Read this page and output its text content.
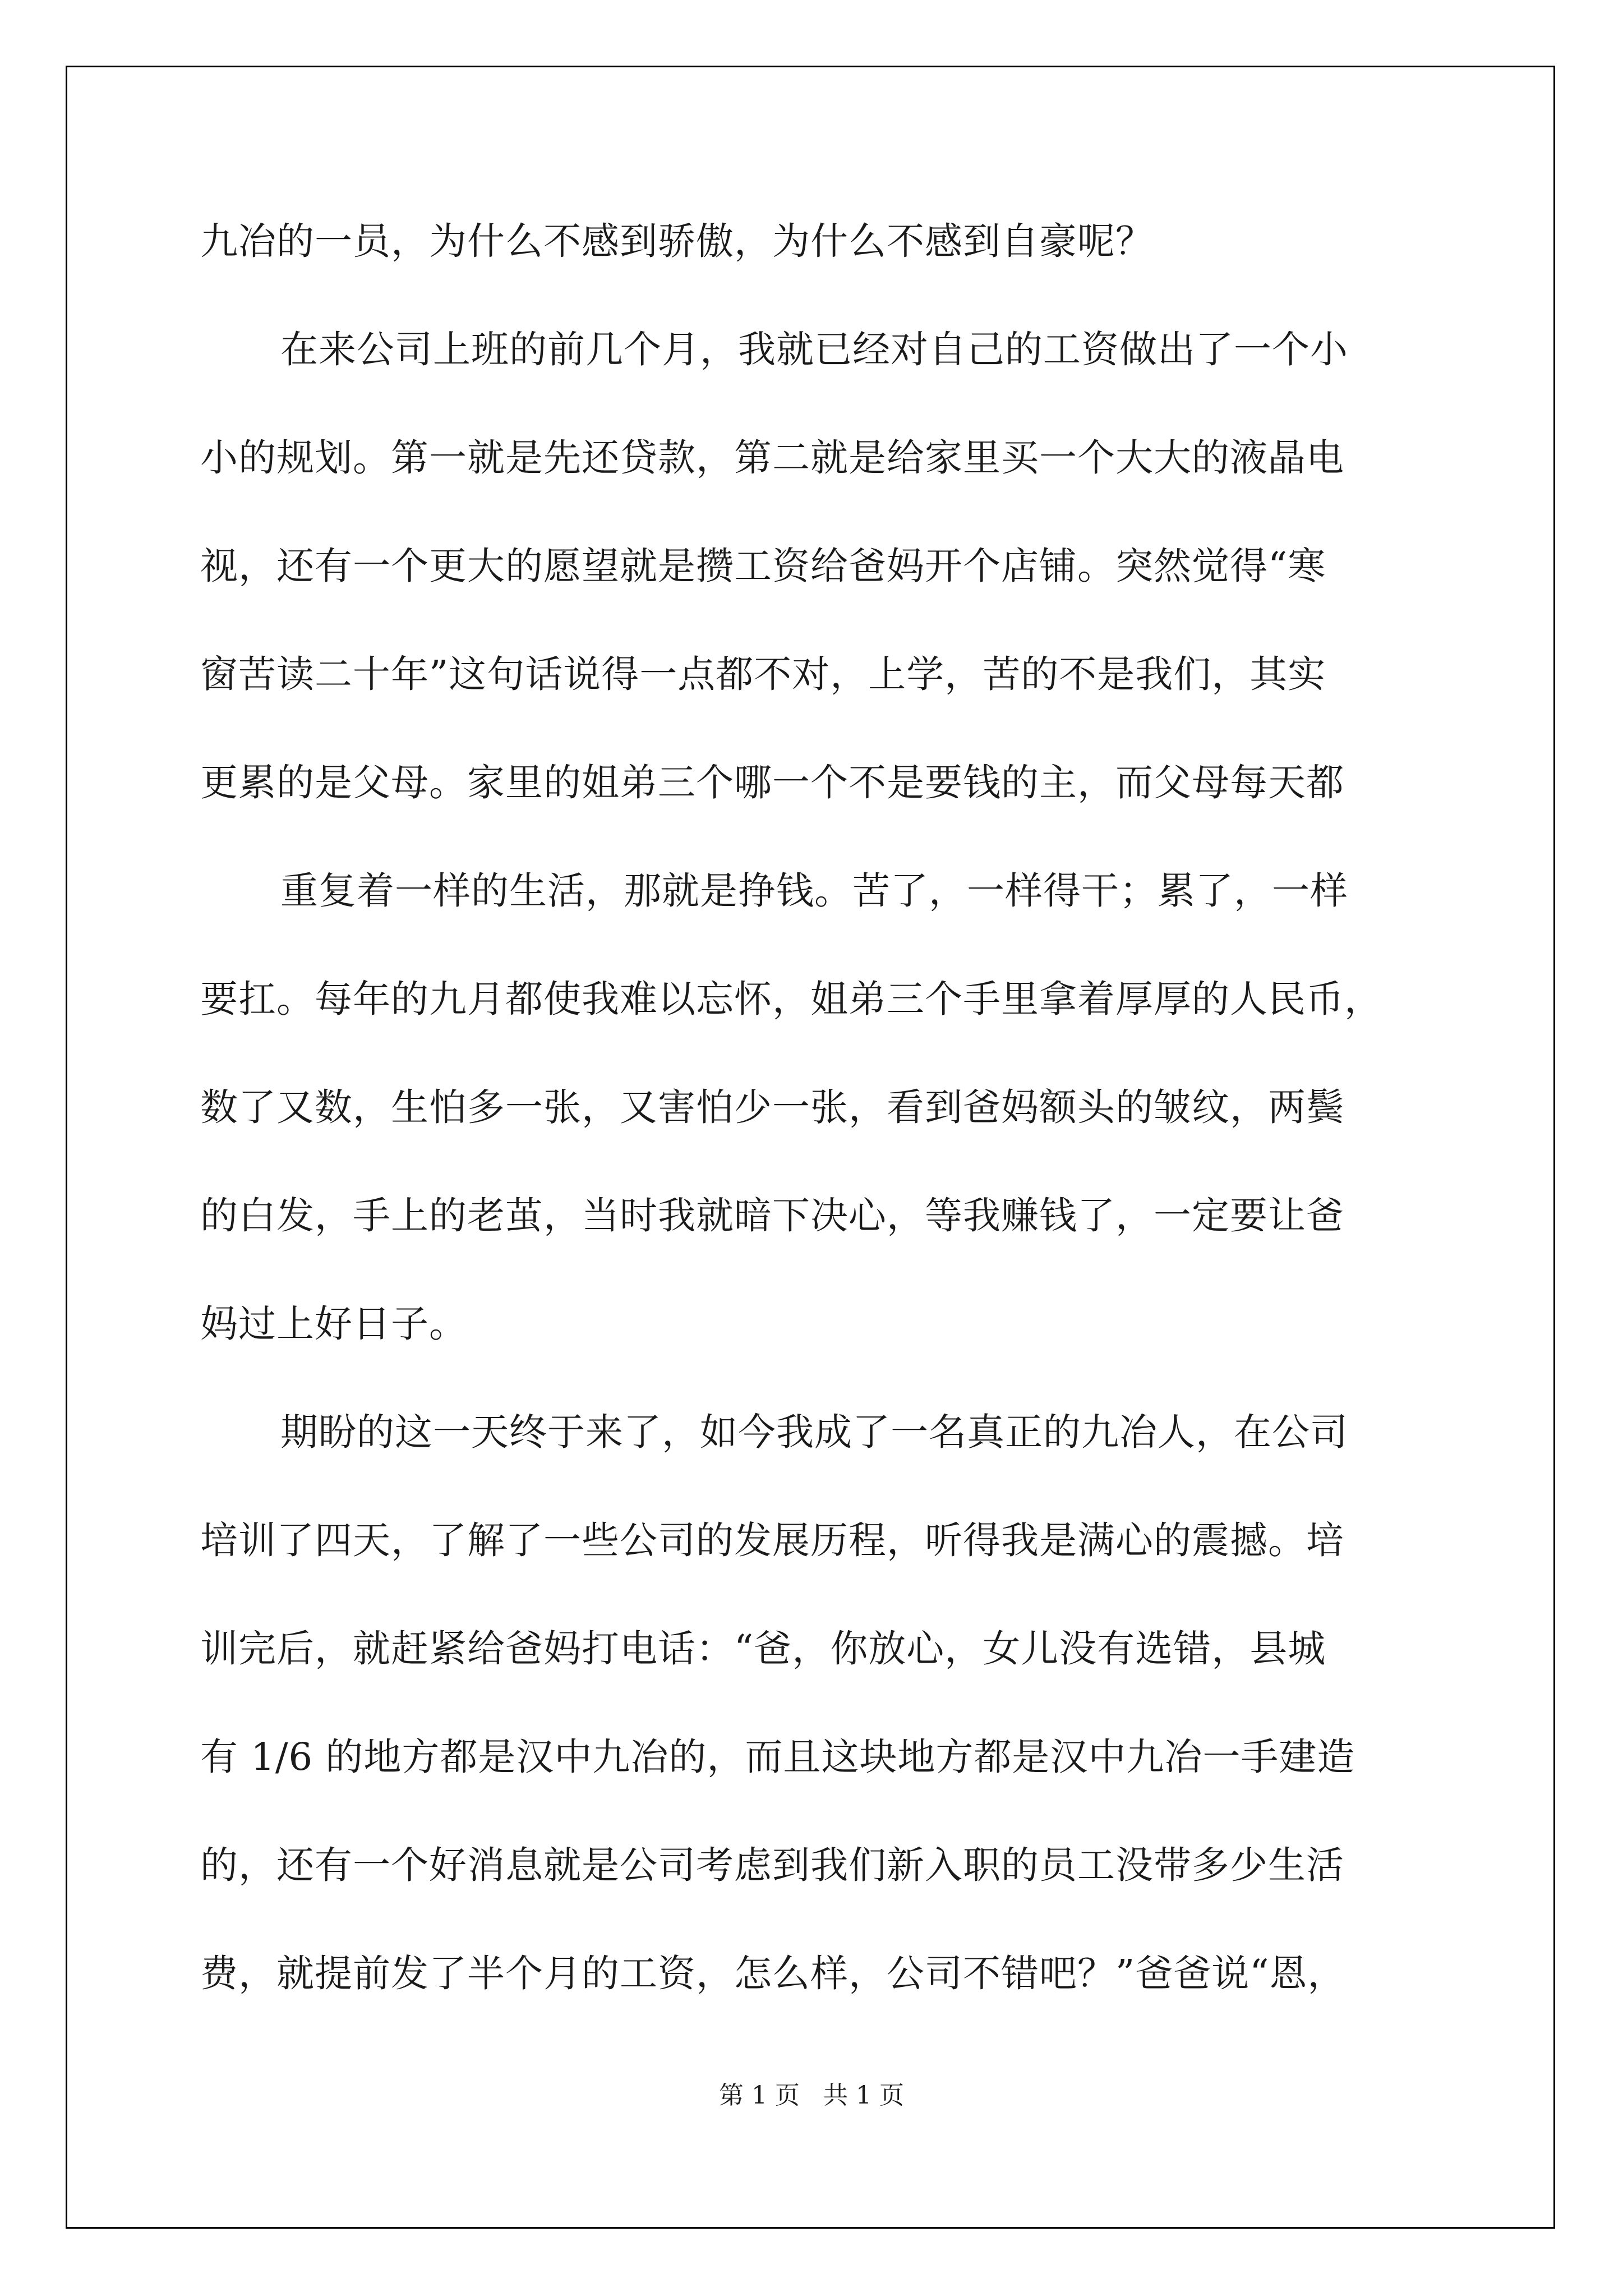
九冶的一员，为什么不感到骄傲，为什么不感到自豪呢？
在来公司上班的前几个月，我就已经对自己的工资做出了一个小
小的规划。第一就是先还贷款，第二就是给家里买一个大大的液晶电
视，还有一个更大的愿望就是攒工资给爸妈开个店铺。突然觉得“寒
窗苦读二十年”这句话说得一点都不对，上学，苦的不是我们，其实
更累的是父母。家里的姐弟三个哪一个不是要钱的主，而父母每天都
重复着一样的生活，那就是挣钱。苦了，一样得干；累了，一样
要扛。每年的九月都使我难以忘怀，姐弟三个手里拿着厚厚的人民币，
数了又数，生怕多一张，又害怕少一张，看到爸妈额头的皱纹，两鬓
的白发，手上的老茧，当时我就暗下决心，等我赚钱了，一定要让爸
妈过上好日子。
期盼的这一天终于来了，如今我成了一名真正的九冶人，在公司
培训了四天，了解了一些公司的发展历程，听得我是满心的震撼。培
训完后，就赶紧给爸妈打电话：“爸，你放心，女儿没有选错，县城
有 1/6 的地方都是汉中九冶的，而且这块地方都是汉中九冶一手建造
的，还有一个好消息就是公司考虑到我们新入职的员工没带多少生活
费，就提前发了半个月的工资，怎么样，公司不错吧？”爸爸说“恩，
第 1 页   共 1 页
